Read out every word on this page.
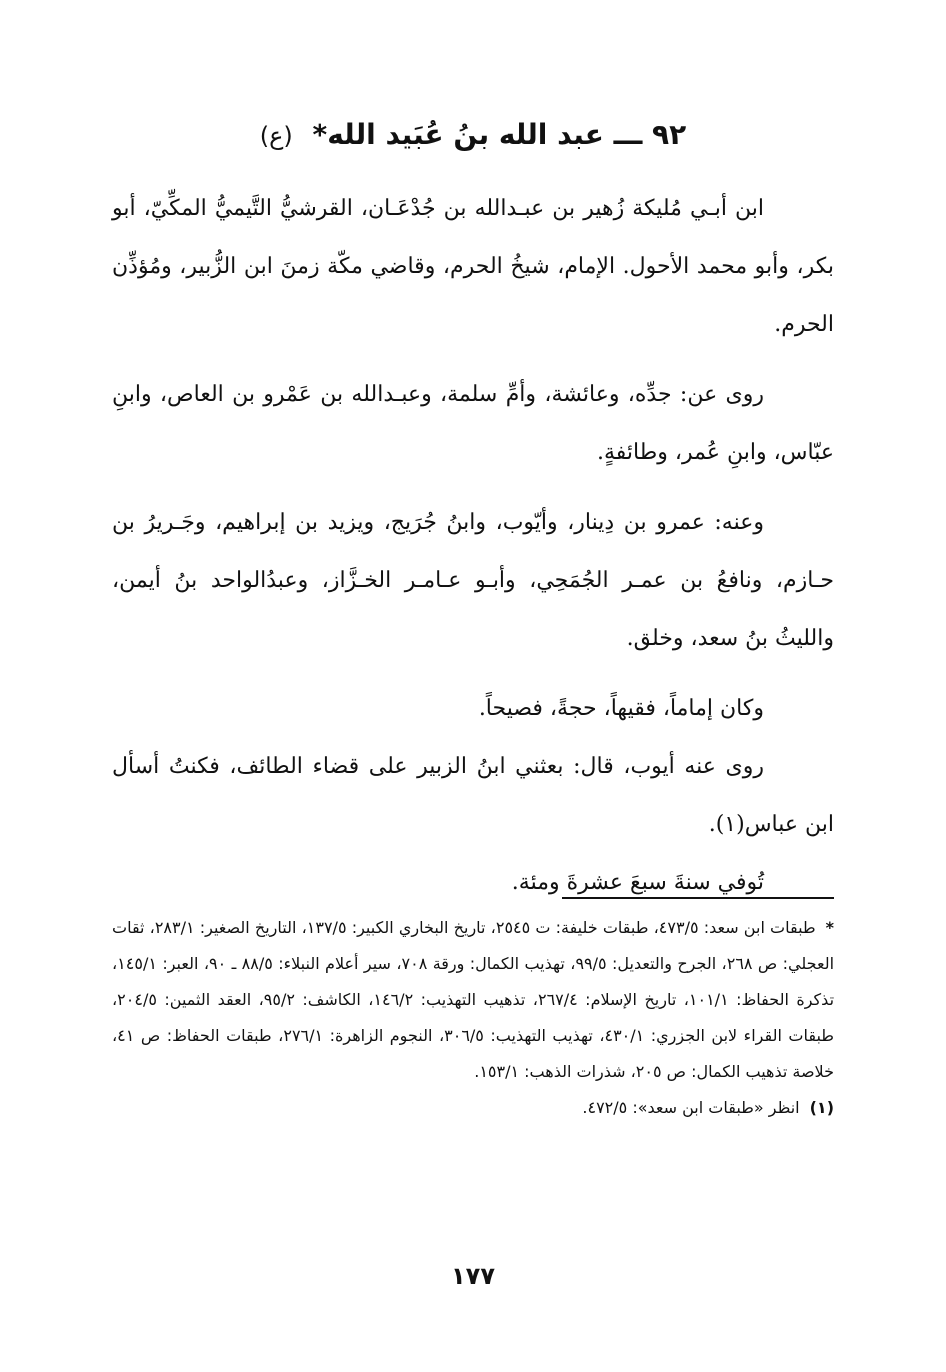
٩٢ ـــ عبد الله بنُ عُبَيد الله* (ع)

ابن أبـي مُليكة زُهير بن عبـدالله بن جُدْعَـان، القرشيُّ التَّيميُّ المكِّيّ، أبو بكر، وأبو محمد الأحول. الإمام، شيخُ الحرم، وقاضي مكّة زمنَ ابن الزُّبير، ومُؤذِّن الحرم.

روى عن: جدِّه، وعائشة، وأمِّ سلمة، وعبـدالله بن عَمْرو بن العاص، وابنِ عبّاس، وابنِ عُمر، وطائفةٍ.

وعنه: عمرو بن دِينار، وأيّوب، وابنُ جُرَيج، ويزيد بن إبراهيم، وجَـريرُ بن حـازم، ونافعُ بن عمـر الجُمَحِي، وأبـو عـامـر الخـزَّاز، وعبدُالواحد بنُ أيمن، والليثُ بنُ سعد، وخلق.

وكان إماماً، فقيهاً، حجةً، فصيحاً.

روى عنه أيوب، قال: بعثني ابنُ الزبير على قضاء الطائف، فكنتُ أسأل ابن عباس(١).

تُوفي سنةَ سبعَ عشرةَ ومئة.

*طبقات ابن سعد: ٤٧٣/٥، طبقات خليفة: ت ٢٥٤٥، تاريخ البخاري الكبير: ١٣٧/٥، التاريخ الصغير: ٢٨٣/١، ثقات العجلي: ص ٢٦٨، الجرح والتعديل: ٩٩/٥، تهذيب الكمال: ورقة ٧٠٨، سير أعلام النبلاء: ٨٨/٥ ـ ٩٠، العبر: ١٤٥/١، تذكرة الحفاظ: ١٠١/١، تاريخ الإسلام: ٢٦٧/٤، تذهيب التهذيب: ١٤٦/٢، الكاشف: ٩٥/٢، العقد الثمين: ٢٠٤/٥، طبقات القراء لابن الجزري: ٤٣٠/١، تهذيب التهذيب: ٣٠٦/٥، النجوم الزاهرة: ٢٧٦/١، طبقات الحفاظ: ص ٤١، خلاصة تذهيب الكمال: ص ٢٠٥، شذرات الذهب: ١٥٣/١.

(١)انظر «طبقات ابن سعد»: ٤٧٢/٥.

١٧٧
